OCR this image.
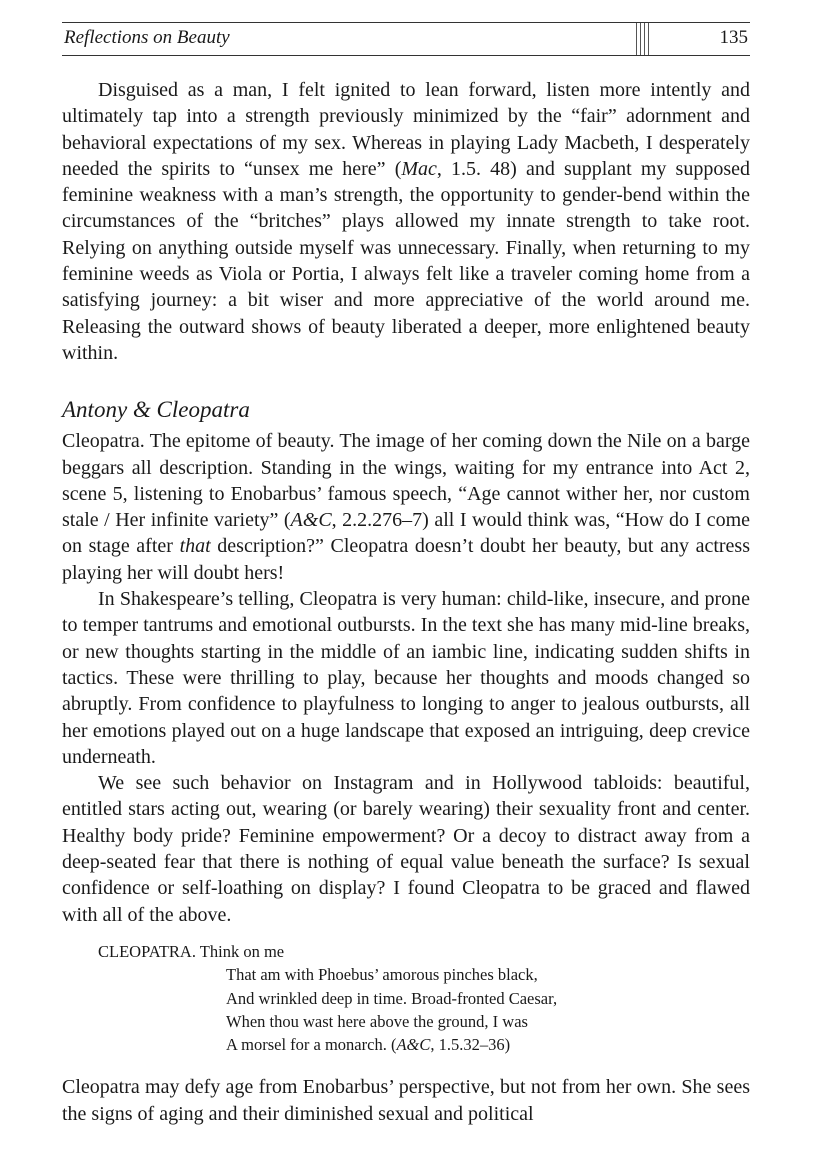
Reflections on Beauty	135

Disguised as a man, I felt ignited to lean forward, listen more intently and ultimately tap into a strength previously minimized by the “fair” adornment and behavioral expectations of my sex. Whereas in playing Lady Macbeth, I desperately needed the spirits to “unsex me here” (Mac, 1.5. 48) and supplant my supposed feminine weakness with a man’s strength, the opportunity to gender-bend within the circumstances of the “britches” plays allowed my innate strength to take root. Relying on anything outside myself was unnecessary. Finally, when returning to my feminine weeds as Viola or Portia, I always felt like a traveler coming home from a satisfying journey: a bit wiser and more appreciative of the world around me. Releasing the outward shows of beauty liberated a deeper, more enlightened beauty within.

Antony & Cleopatra

Cleopatra. The epitome of beauty. The image of her coming down the Nile on a barge beggars all description. Standing in the wings, waiting for my entrance into Act 2, scene 5, listening to Enobarbus’ famous speech, “Age cannot wither her, nor custom stale / Her infinite variety” (A&C, 2.2.276–7) all I would think was, “How do I come on stage after that description?” Cleopatra doesn’t doubt her beauty, but any actress playing her will doubt hers!

In Shakespeare’s telling, Cleopatra is very human: child-like, insecure, and prone to temper tantrums and emotional outbursts. In the text she has many mid-line breaks, or new thoughts starting in the middle of an iambic line, indicating sudden shifts in tactics. These were thrilling to play, because her thoughts and moods changed so abruptly. From confidence to playfulness to longing to anger to jealous outbursts, all her emotions played out on a huge landscape that exposed an intriguing, deep crevice underneath.

We see such behavior on Instagram and in Hollywood tabloids: beautiful, entitled stars acting out, wearing (or barely wearing) their sexuality front and center. Healthy body pride? Feminine empowerment? Or a decoy to distract away from a deep-seated fear that there is nothing of equal value beneath the surface? Is sexual confidence or self-loathing on display? I found Cleopatra to be graced and flawed with all of the above.

CLEOPATRA. Think on me
That am with Phoebus’ amorous pinches black,
And wrinkled deep in time. Broad-fronted Caesar,
When thou wast here above the ground, I was
A morsel for a monarch. (A&C, 1.5.32–36)

Cleopatra may defy age from Enobarbus’ perspective, but not from her own. She sees the signs of aging and their diminished sexual and political
